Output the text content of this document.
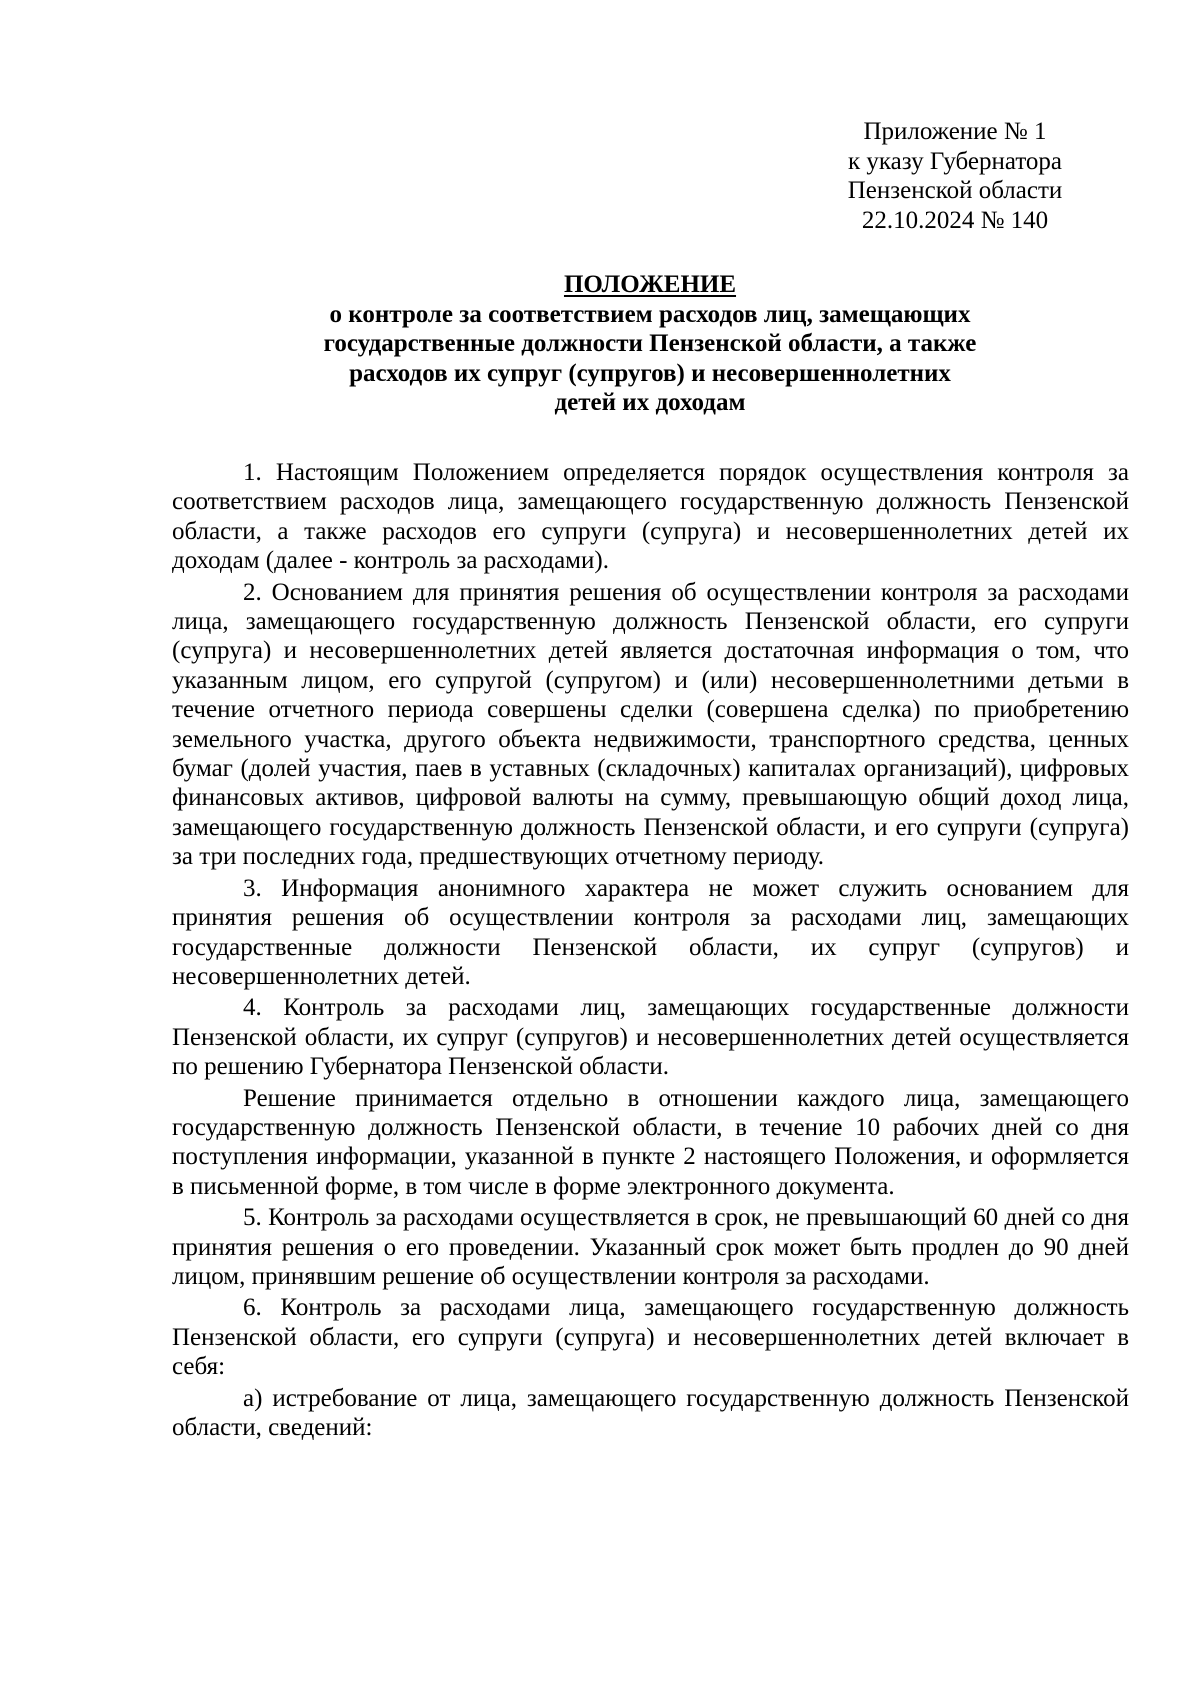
Приложение № 1
к указу Губернатора
Пензенской области
22.10.2024 № 140
ПОЛОЖЕНИЕ
о контроле за соответствием расходов лиц, замещающих
государственные должности Пензенской области, а также
расходов их супруг (супругов) и несовершеннолетних
детей их доходам

1. Настоящим Положением определяется порядок осуществления контроля за соответствием расходов лица, замещающего государственную должность Пензенской области, а также расходов его супруги (супруга) и несовершеннолетних детей их доходам (далее - контроль за расходами).

2. Основанием для принятия решения об осуществлении контроля за расходами лица, замещающего государственную должность Пензенской области, его супруги (супруга) и несовершеннолетних детей является достаточная информация о том, что указанным лицом, его супругой (супругом) и (или) несовершеннолетними детьми в течение отчетного периода совершены сделки (совершена сделка) по приобретению земельного участка, другого объекта недвижимости, транспортного средства, ценных бумаг (долей участия, паев в уставных (складочных) капиталах организаций), цифровых финансовых активов, цифровой валюты на сумму, превышающую общий доход лица, замещающего государственную должность Пензенской области, и его супруги (супруга) за три последних года, предшествующих отчетному периоду.

3. Информация анонимного характера не может служить основанием для принятия решения об осуществлении контроля за расходами лиц, замещающих государственные должности Пензенской области, их супруг (супругов) и несовершеннолетних детей.

4. Контроль за расходами лиц, замещающих государственные должности Пензенской области, их супруг (супругов) и несовершеннолетних детей осуществляется по решению Губернатора Пензенской области.

Решение принимается отдельно в отношении каждого лица, замещающего государственную должность Пензенской области, в течение 10 рабочих дней со дня поступления информации, указанной в пункте 2 настоящего Положения, и оформляется в письменной форме, в том числе в форме электронного документа.

5. Контроль за расходами осуществляется в срок, не превышающий 60 дней со дня принятия решения о его проведении. Указанный срок может быть продлен до 90 дней лицом, принявшим решение об осуществлении контроля за расходами.

6. Контроль за расходами лица, замещающего государственную должность Пензенской области, его супруги (супруга) и несовершеннолетних детей включает в себя:

а) истребование от лица, замещающего государственную должность Пензенской области, сведений:
